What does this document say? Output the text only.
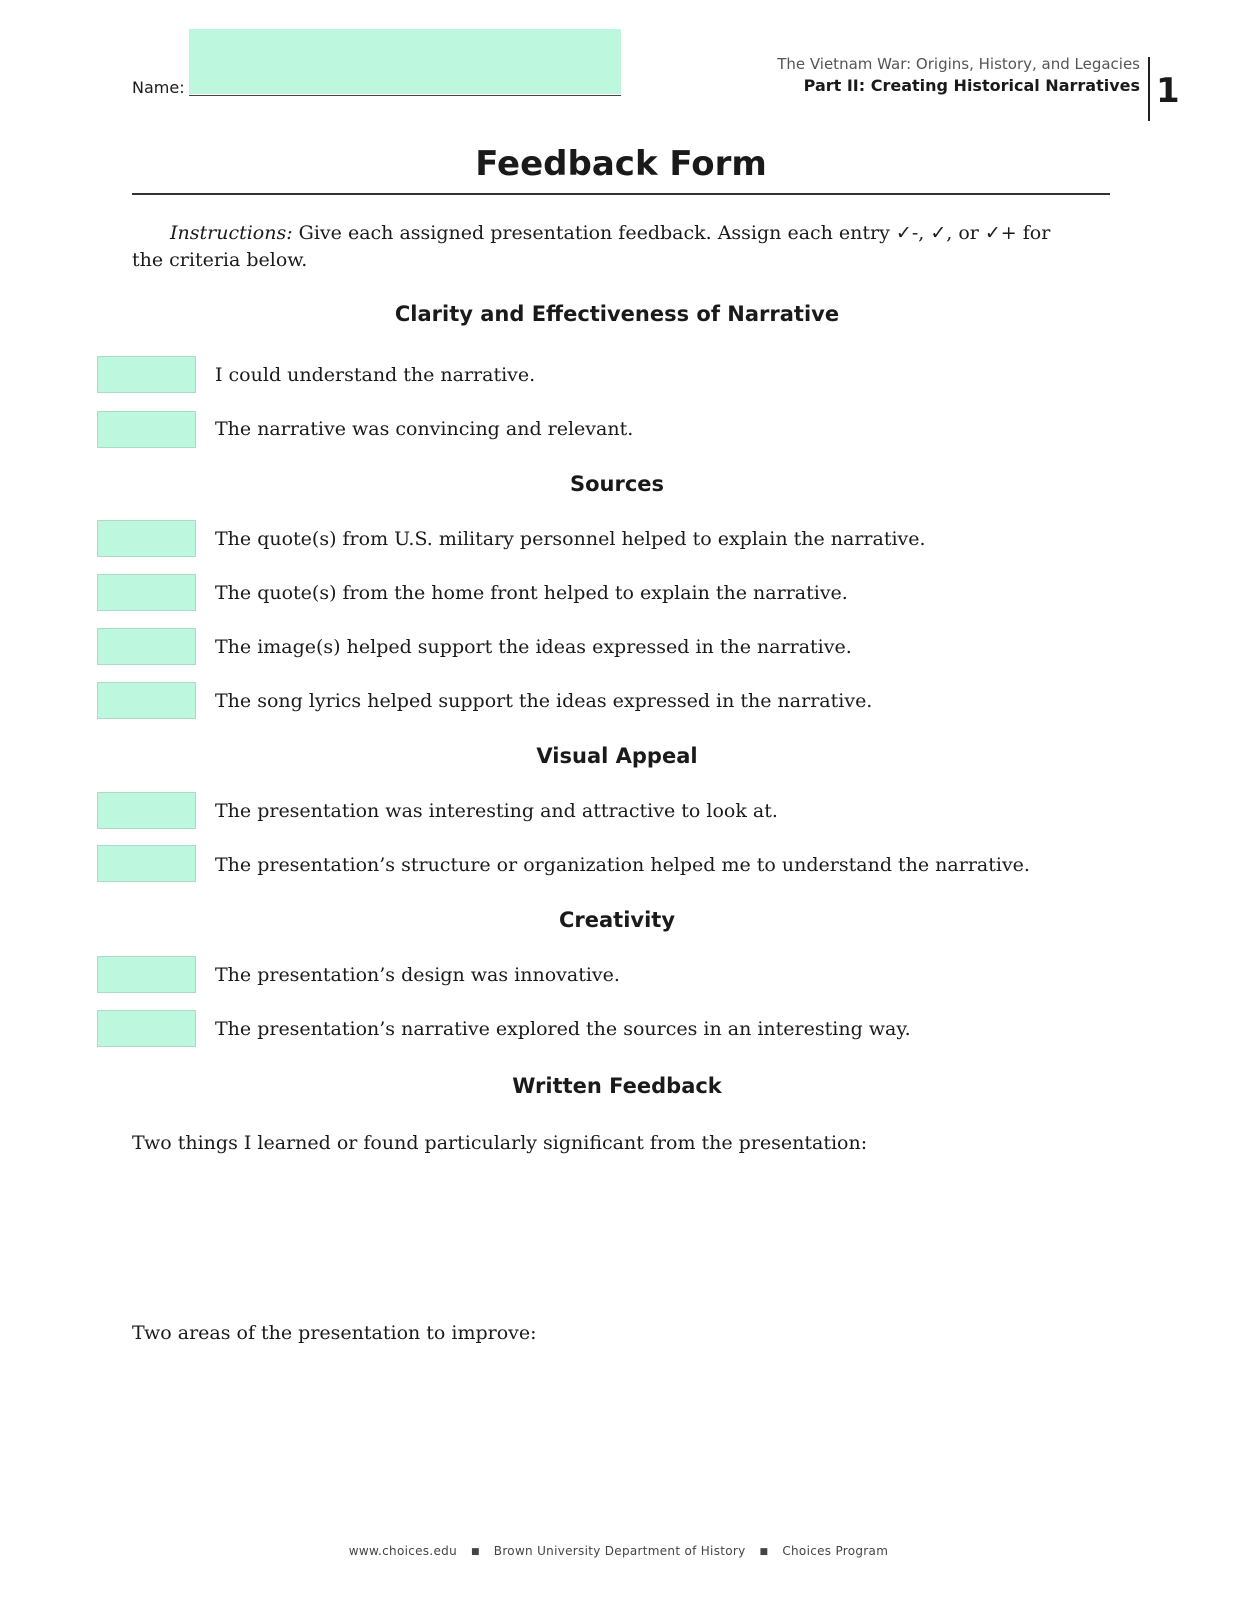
Name:
The Vietnam War: Origins, History, and Legacies
Part II: Creating Historical Narratives 1
Feedback Form

Instructions: Give each assigned presentation feedback. Assign each entry ✓-, ✓, or ✓+ for the criteria below.

Clarity and Effectiveness of Narrative
I could understand the narrative.
The narrative was convincing and relevant.
Sources
The quote(s) from U.S. military personnel helped to explain the narrative.
The quote(s) from the home front helped to explain the narrative.
The image(s) helped support the ideas expressed in the narrative.
The song lyrics helped support the ideas expressed in the narrative.
Visual Appeal
The presentation was interesting and attractive to look at.
The presentation’s structure or organization helped me to understand the narrative.
Creativity
The presentation’s design was innovative.
The presentation’s narrative explored the sources in an interesting way.
Written Feedback
Two things I learned or found particularly significant from the presentation:
Two areas of the presentation to improve:
www.choices.edu ■ Brown University Department of History ■ Choices Program
